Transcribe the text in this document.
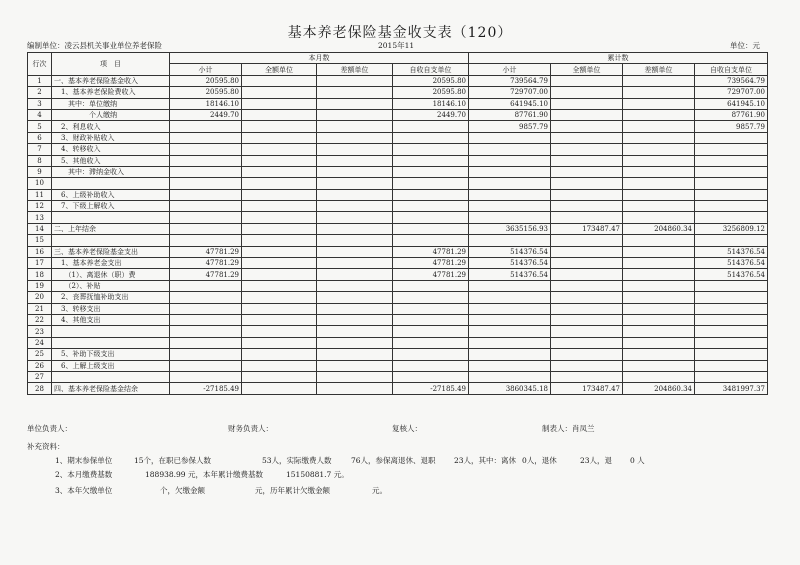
基本养老保险基金收支表（120）
编制单位：凌云县机关事业单位养老保险	2015年11	单位：元
行次	项　目	本月数				累计数			
		小计	全额单位	差额单位	自收自支单位	小计	全额单位	差额单位	自收自支单位
1	一、基本养老保险基金收入	20595.80			20595.80	739564.79			739564.79
2	　1、基本养老保险费收入	20595.80			20595.80	729707.00			729707.00
3	　　其中：单位缴纳	18146.10			18146.10	641945.10			641945.10
4	　　　　　个人缴纳	2449.70			2449.70	87761.90			87761.90
5	　2、利息收入					9857.79			9857.79
6	　3、财政补贴收入								
7	　4、转移收入								
8	　5、其他收入								
9	　　其中：滞纳金收入								
10									
11	　6、上级补助收入								
12	　7、下级上解收入								
13									
14	二、上年结余					3635156.93	173487.47	204860.34	3256809.12
15									
16	三、基本养老保险基金支出	47781.29			47781.29	514376.54			514376.54
17	　1、基本养老金支出	47781.29			47781.29	514376.54			514376.54
18	　　（1）、离退休（职）费	47781.29			47781.29	514376.54			514376.54
19	　　（2）、补贴								
20	　2、丧葬抚恤补助支出								
21	　3、转移支出								
22	　4、其他支出								
23									
24									
25	　5、补助下级支出								
26	　6、上解上级支出								
27									
28	四、基本养老保险基金结余	-27185.49			-27185.49	3860345.18	173487.47	204860.34	3481997.37
单位负责人：	财务负责人：	复核人：	制表人：肖凤兰
补充资料：
1、期末参保单位	15个，在职已参保人数	53人，实际缴费人数	76人，参保离退休、退职 23人，其中：离休 0人，退休	23人，退 0 人
2、本月缴费基数	188938.99 元，本年累计缴费基数	15150881.7 元。
3、本年欠缴单位	个，欠缴金额	元，历年累计欠缴金额	元。
